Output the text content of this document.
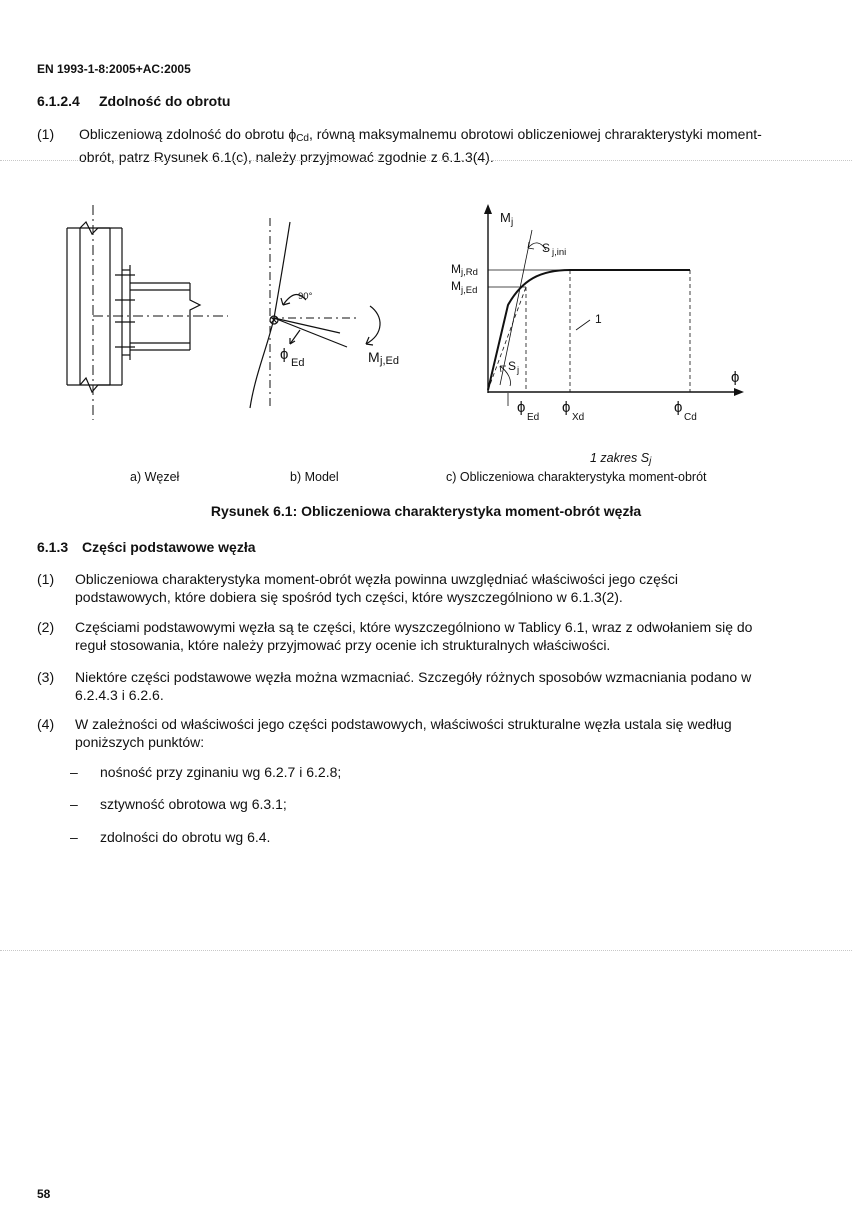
EN 1993-1-8:2005+AC:2005
6.1.2.4 Zdolność do obrotu
(1) Obliczeniową zdolność do obrotu $\phi_{Cd}$, równą maksymalnemu obrotowi obliczeniowej chrarakterystyki moment-obrót, patrz Rysunek 6.1(c), należy przyjmować zgodnie z 6.1.3(4).
90°
ϕ Ed	M j,Ed
M j
M j,Rd
M j,Ed
S j,ini
S j
1
ϕ
ϕ
Ed
ϕ
Xd
ϕ
Cd
1 zakres $S_j$
a) Węzeł	b) Model	c) Obliczeniowa charakterystyka moment-obrót
Rysunek 6.1: Obliczeniowa charakterystyka moment-obrót węzła
6.1.3 Części podstawowe węzła
(1) Obliczeniowa charakterystyka moment-obrót węzła powinna uwzględniać właściwości jego części podstawowych, które dobiera się spośród tych części, które wyszczególniono w 6.1.3(2).
(2) Częściami podstawowymi węzła są te części, które wyszczególniono w Tablicy 6.1, wraz z odwołaniem się do reguł stosowania, które należy przyjmować przy ocenie ich strukturalnych właściwości.
(3) Niektóre części podstawowe węzła można wzmacniać. Szczegóły różnych sposobów wzmacniania podano w 6.2.4.3 i 6.2.6.
(4) W zależności od właściwości jego części podstawowych, właściwości strukturalne węzła ustala się według poniższych punktów:
– nośność przy zginaniu wg 6.2.7 i 6.2.8;
– sztywność obrotowa wg 6.3.1;
– zdolności do obrotu wg 6.4.
58
